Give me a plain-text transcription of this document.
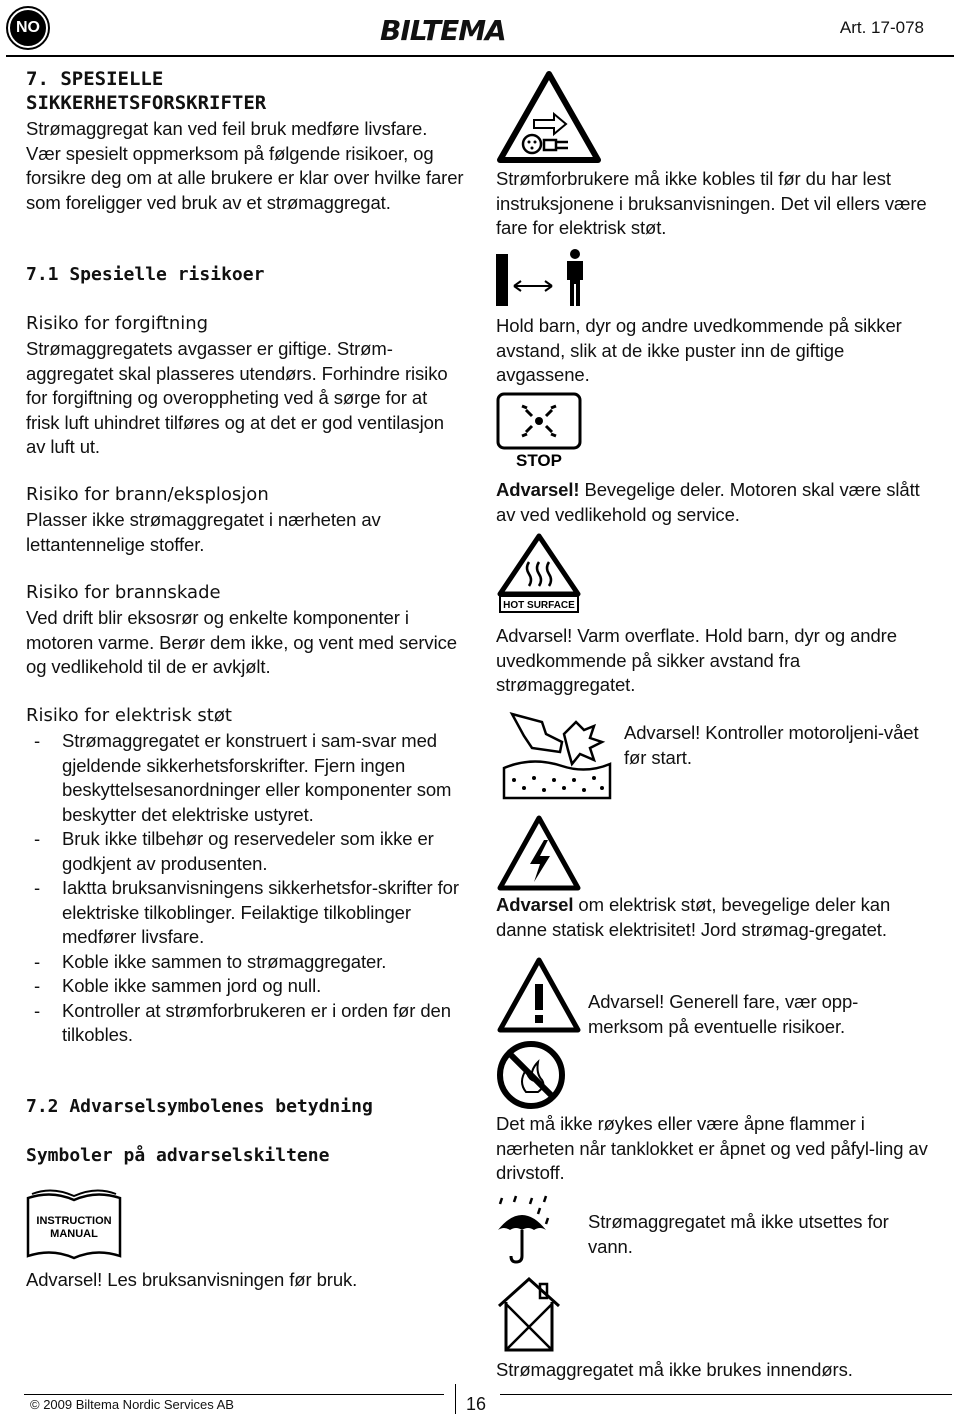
NO	BILTEMA	Art. 17-078
7. SPESIELLE
SIKKERHETSFORSKRIFTER
Strømaggregat kan ved feil bruk medføre livsfare. Vær spesielt oppmerksom på følgende risikoer, og forsikre deg om at alle brukere er klar over hvilke farer som foreligger ved bruk av et strømaggregat.
7.1 Spesielle risikoer
Risiko for forgiftning
Strømaggregatets avgasser er giftige. Strøm-aggregatet skal plasseres utendørs. Forhindre risiko for forgiftning og overoppheting ved å sørge for at frisk luft uhindret tilføres og at det er god ventilasjon av luft ut.
Risiko for brann/eksplosjon
Plasser ikke strømaggregatet i nærheten av lettantennelige stoffer.
Risiko for brannskade
Ved drift blir eksosrør og enkelte komponenter i motoren varme. Berør dem ikke, og vent med service og vedlikehold til de er avkjølt.
Risiko for elektrisk støt
- Strømaggregatet er konstruert i sam-svar med gjeldende sikkerhetsforskrifter. Fjern ingen beskyttelsesanordninger eller komponenter som beskytter det elektriske ustyret.
- Bruk ikke tilbehør og reservedeler som ikke er godkjent av produsenten.
- Iaktta bruksanvisningens sikkerhetsfor-skrifter for elektriske tilkoblinger. Feilaktige tilkoblinger medfører livsfare.
- Koble ikke sammen to strømaggregater.
- Koble ikke sammen jord og null.
- Kontroller at strømforbrukeren er i orden før den tilkobles.
7.2 Advarselsymbolenes betydning
Symboler på advarselskiltene
INSTRUCTION
MANUAL
Advarsel! Les bruksanvisningen før bruk.
Strømforbrukere må ikke kobles til før du har lest instruksjonene i bruksanvisningen. Det vil ellers være fare for elektrisk støt.
Hold barn, dyr og andre uvedkommende på sikker avstand, slik at de ikke puster inn de giftige avgassene.
STOP
Advarsel! Bevegelige deler. Motoren skal være slått av ved vedlikehold og service.
HOT SURFACE
Advarsel! Varm overflate. Hold barn, dyr og andre uvedkommende på sikker avstand fra strømaggregatet.
Advarsel! Kontroller motoroljeni-vået før start.
Advarsel om elektrisk støt, bevegelige deler kan danne statisk elektrisitet! Jord strømag-gregatet.
Advarsel! Generell fare, vær opp-merksom på eventuelle risikoer.
Det må ikke røykes eller være åpne flammer i nærheten når tanklokket er åpnet og ved påfyl-ling av drivstoff.
Strømaggregatet må ikke utsettes for vann.
Strømaggregatet må ikke brukes innendørs.
© 2009 Biltema Nordic Services AB	16
